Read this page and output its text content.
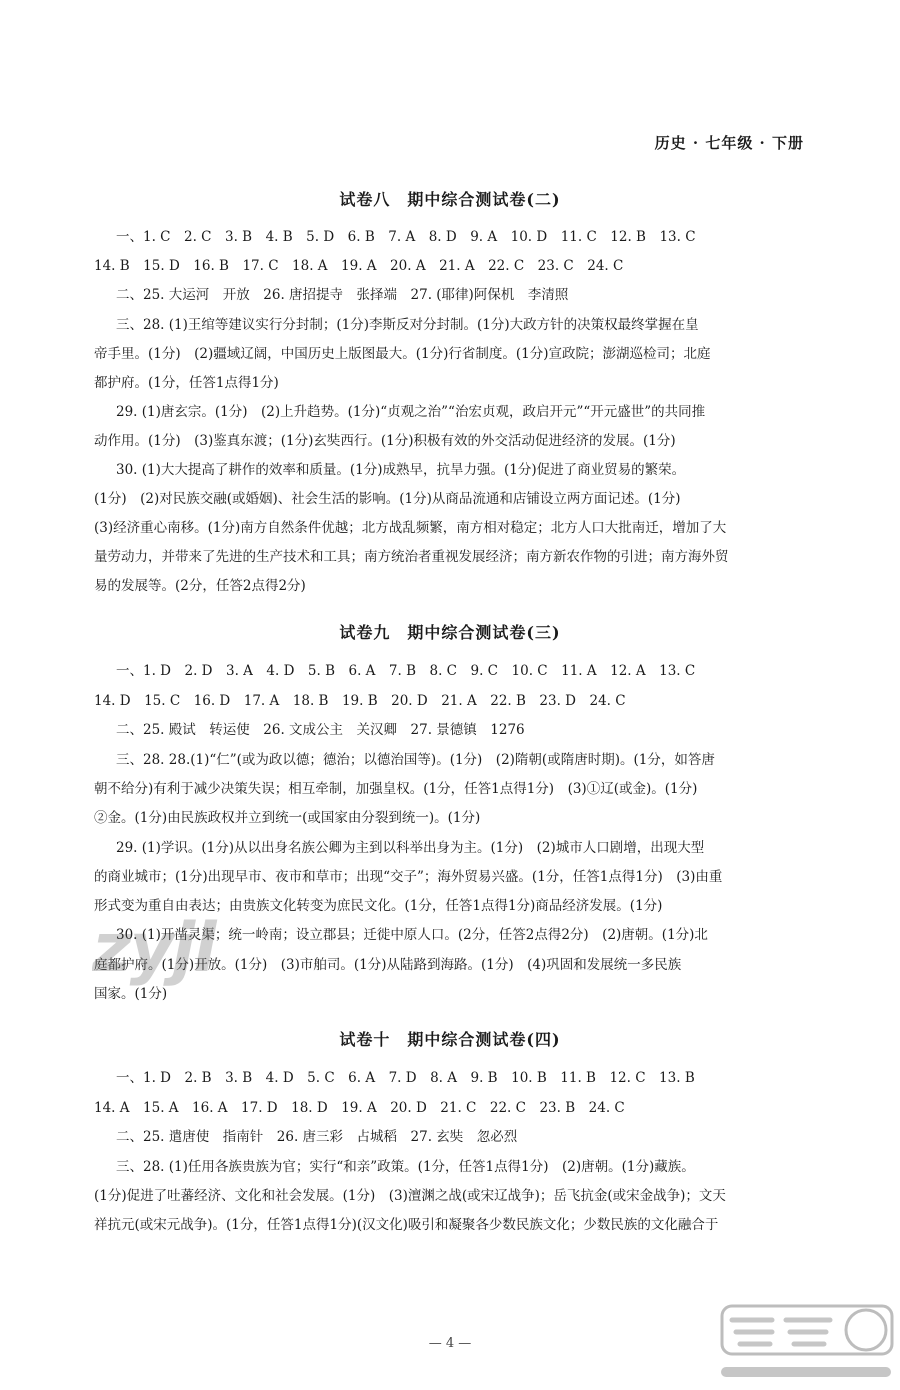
历史 · 七年级 · 下册
试卷八　期中综合测试卷(二)
一、1. C　2. C　3. B　4. B　5. D　6. B　7. A　8. D　9. A　10. D　11. C　12. B　13. C
14. B　15. D　16. B　17. C　18. A　19. A　20. A　21. A　22. C　23. C　24. C
二、25. 大运河　开放　26. 唐招提寺　张择端　27. (耶律)阿保机　李清照
三、28. (1)王绾等建议实行分封制；(1分)李斯反对分封制。(1分)大政方针的决策权最终掌握在皇
帝手里。(1分)　(2)疆域辽阔，中国历史上版图最大。(1分)行省制度。(1分)宣政院；澎湖巡检司；北庭
都护府。(1分，任答1点得1分)
29. (1)唐玄宗。(1分)　(2)上升趋势。(1分)“贞观之治”“治宏贞观，政启开元”“开元盛世”的共同推
动作用。(1分)　(3)鉴真东渡；(1分)玄奘西行。(1分)积极有效的外交活动促进经济的发展。(1分)
30. (1)大大提高了耕作的效率和质量。(1分)成熟早，抗旱力强。(1分)促进了商业贸易的繁荣。
(1分)　(2)对民族交融(或婚姻)、社会生活的影响。(1分)从商品流通和店铺设立两方面记述。(1分)
(3)经济重心南移。(1分)南方自然条件优越；北方战乱频繁，南方相对稳定；北方人口大批南迁，增加了大
量劳动力，并带来了先进的生产技术和工具；南方统治者重视发展经济；南方新农作物的引进；南方海外贸
易的发展等。(2分，任答2点得2分)
试卷九　期中综合测试卷(三)
一、1. D　2. D　3. A　4. D　5. B　6. A　7. B　8. C　9. C　10. C　11. A　12. A　13. C
14. D　15. C　16. D　17. A　18. B　19. B　20. D　21. A　22. B　23. D　24. C
二、25. 殿试　转运使　26. 文成公主　关汉卿　27. 景德镇　1276
三、28. 28.(1)“仁”(或为政以德；德治；以德治国等)。(1分)　(2)隋朝(或隋唐时期)。(1分，如答唐
朝不给分)有利于减少决策失误；相互牵制，加强皇权。(1分，任答1点得1分)　(3)①辽(或金)。(1分)
②金。(1分)由民族政权并立到统一(或国家由分裂到统一)。(1分)
29. (1)学识。(1分)从以出身名族公卿为主到以科举出身为主。(1分)　(2)城市人口剧增，出现大型
的商业城市；(1分)出现早市、夜市和草市；出现“交子”；海外贸易兴盛。(1分，任答1点得1分)　(3)由重
形式变为重自由表达；由贵族文化转变为庶民文化。(1分，任答1点得1分)商品经济发展。(1分)
30. (1)开凿灵渠；统一岭南；设立郡县；迁徙中原人口。(2分，任答2点得2分)　(2)唐朝。(1分)北
庭都护府。(1分)开放。(1分)　(3)市舶司。(1分)从陆路到海路。(1分)　(4)巩固和发展统一多民族
国家。(1分)
试卷十　期中综合测试卷(四)
一、1. D　2. B　3. B　4. D　5. C　6. A　7. D　8. A　9. B　10. B　11. B　12. C　13. B
14. A　15. A　16. A　17. D　18. D　19. A　20. D　21. C　22. C　23. B　24. C
二、25. 遣唐使　指南针　26. 唐三彩　占城稻　27. 玄奘　忽必烈
三、28. (1)任用各族贵族为官；实行“和亲”政策。(1分，任答1点得1分)　(2)唐朝。(1分)藏族。
(1分)促进了吐蕃经济、文化和社会发展。(1分)　(3)澶渊之战(或宋辽战争)；岳飞抗金(或宋金战争)；文天
祥抗元(或宋元战争)。(1分，任答1点得1分)(汉文化)吸引和凝聚各少数民族文化；少数民族的文化融合于
— 4 —
zyjl
